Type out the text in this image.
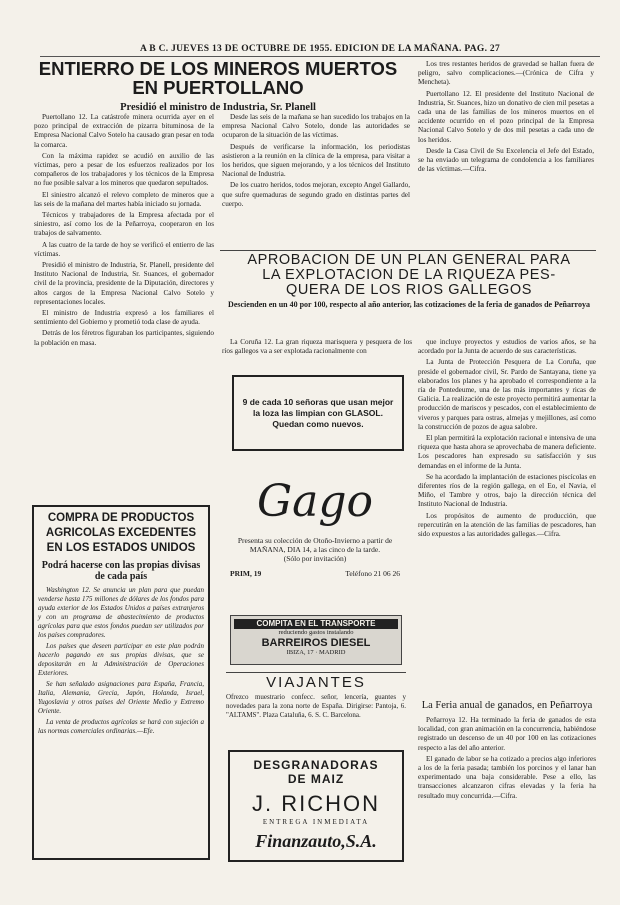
A B C. JUEVES 13 DE OCTUBRE DE 1955. EDICION DE LA MAÑANA. PAG. 27
ENTIERRO DE LOS MINEROS MUERTOS
EN PUERTOLLANO
Presidió el ministro de Industria, Sr. Planell

Puertollano 12. La catástrofe minera ocurrida ayer en el pozo principal de extracción de pizarra bituminosa de la Empresa Nacional Calvo Sotelo ha causado gran pesar en toda la comarca.

Con la máxima rapidez se acudió en auxilio de las víctimas, pero a pesar de los esfuerzos realizados por los compañeros de los trabajadores y los técnicos de la Empresa no fue posible salvar a los mineros que quedaron sepultados.

El siniestro alcanzó el relevo completo de mineros que a las seis de la mañana del martes había iniciado su jornada.

Técnicos y trabajadores de la Empresa afectada por el siniestro, así como los de la Peñarroya, cooperaron en los trabajos de salvamento.

A las cuatro de la tarde de hoy se verificó el entierro de las víctimas.

Presidió el ministro de Industria, Sr. Planell, presidente del Instituto Nacional de Industria, Sr. Suances, el gobernador civil de la provincia, presidente de la Diputación, directores y altos cargos de la Empresa Nacional Calvo Sotelo y representaciones locales.

El ministro de Industria expresó a los familiares el sentimiento del Gobierno y prometió toda clase de ayuda.

Detrás de los féretros figuraban los participantes, siguiendo la población en masa.

Desde las seis de la mañana se han sucedido los trabajos en la empresa Nacional Calvo Sotelo, donde las autoridades se ocuparon de la situación de las víctimas.

Después de verificarse la información, los periodistas asistieron a la reunión en la clínica de la empresa, para visitar a los heridos, que siguen mejorando, y a los técnicos del Instituto Nacional de Industria.

De los cuatro heridos, todos mejoran, excepto Angel Gallardo, que sufre quemaduras de segundo grado en distintas partes del cuerpo.

Los tres restantes heridos de gravedad se hallan fuera de peligro, salvo complicaciones.—(Crónica de Cifra y Mencheta).

Puertollano 12. El presidente del Instituto Nacional de Industria, Sr. Suances, hizo un donativo de cien mil pesetas a cada una de las familias de los mineros muertos en el accidente ocurrido en el pozo principal de la Empresa Nacional Calvo Sotelo y de dos mil pesetas a cada uno de los heridos.

Desde la Casa Civil de Su Excelencia el Jefe del Estado, se ha enviado un telegrama de condolencia a los familiares de las víctimas.—Cifra.

COMPRA DE PRODUCTOS AGRICOLAS EXCEDENTES EN LOS ESTADOS UNIDOS
Podrá hacerse con las propias divisas de cada país

Washington 12. Se anuncia un plan para que puedan venderse hasta 175 millones de dólares de los fondos para ayuda exterior de los Estados Unidos a países extranjeros y con un programa de abastecimiento de productos agrícolas para que estos fondos puedan ser utilizados por los países compradores.

Los países que deseen participar en este plan podrán hacerlo pagando en sus propias divisas, que se depositarán en la Administración de Operaciones Exteriores.

Se han señalado asignaciones para España, Francia, Italia, Alemania, Grecia, Japón, Holanda, Israel, Yugoslavia y otros países del Oriente Medio y Extremo Oriente.

La venta de productos agrícolas se hará con sujeción a las normas comerciales ordinarias.—Efe.

APROBACION DE UN PLAN GENERAL PARA
LA EXPLOTACION DE LA RIQUEZA PES-
QUERA DE LOS RIOS GALLEGOS
Descienden en un 40 por 100, respecto al año anterior, las cotizaciones de la feria de ganados de Peñarroya

La Coruña 12. La gran riqueza marisquera y pesquera de los ríos gallegos va a ser explotada racionalmente con

que incluye proyectos y estudios de varios años, se ha acordado por la Junta de acuerdo de sus características.

La Junta de Protección Pesquera de La Coruña, que preside el gobernador civil, Sr. Pardo de Santayana, tiene ya elaborados los planes y ha aprobado el correspondiente a la ría de Pontedeume, una de las más importantes y ricas de Galicia. La realización de este proyecto permitirá aumentar la producción de mariscos y pescados, con el establecimiento de viveros y parques para ostras, almejas y mejillones, así como la construcción de pozos de agua salobre.

El plan permitirá la explotación racional e intensiva de una riqueza que hasta ahora se aprovechaba de manera deficiente. Los pescadores han expresado su satisfacción y sus demandas en el informe de la Junta.

Se ha acordado la implantación de estaciones piscícolas en diferentes ríos de la región gallega, en el Eo, el Navia, el Miño, el Tambre y otros, bajo la dirección técnica del Instituto Nacional de Industria.

Los propósitos de aumento de producción, que repercutirán en la atención de las familias de pescadores, han sido expuestos a las autoridades gallegas.—Cifra.

La Feria anual de ganados, en Peñarroya

Peñarroya 12. Ha terminado la feria de ganados de esta localidad, con gran animación en la concurrencia, habiéndose registrado un descenso de un 40 por 100 en las cotizaciones respecto a las del año anterior.

El ganado de labor se ha cotizado a precios algo inferiores a los de la feria pasada; también los porcinos y el lanar han experimentado una baja considerable. Pese a ello, las transacciones alcanzaron cifras elevadas y la feria ha resultado muy concurrida.—Cifra.

9 de cada 10 señoras que usan mejor la loza las limpian con GLASOL. Quedan como nuevos.
Gago
Presenta su colección de Otoño-Invierno a partir de MAÑANA, DIA 14, a las cinco de la tarde.
(Sólo por invitación)
PRIM, 19	Teléfono 21 06 26
COMPITA EN EL TRANSPORTE
reduciendo gastos instalando
BARREIROS DIESEL
IBIZA, 17 · MADRID
VIAJANTES
Ofrezco muestrario confecc. señor, lencería, guantes y novedades para la zona norte de España. Dirigirse: Pantoja, 6. "ALTAMS". Plaza Cataluña, 6. S. C. Barcelona.
DESGRANADORAS
DE MAIZ
J. RICHON
ENTREGA INMEDIATA
Finanzauto,S.A.
